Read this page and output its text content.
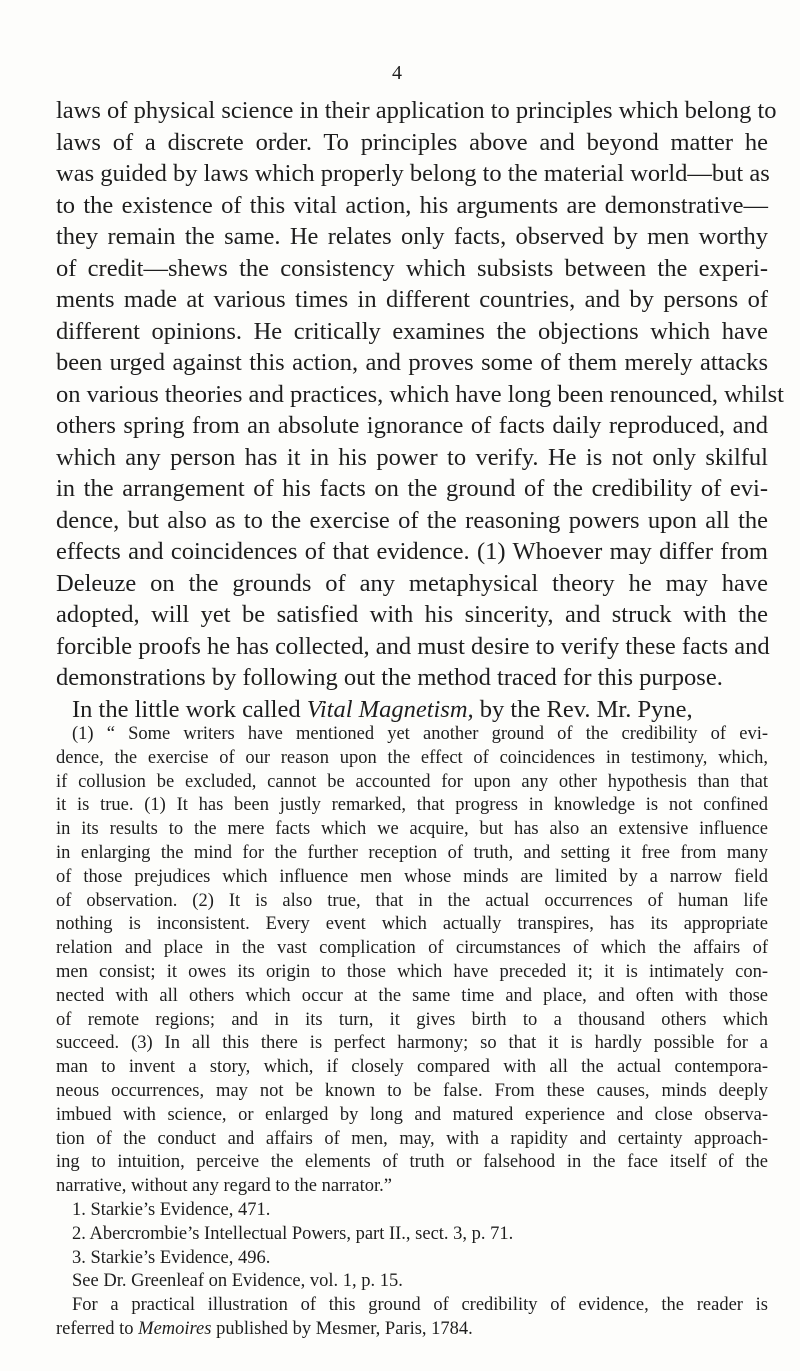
4
laws of physical science in their application to principles which belong to
laws of a discrete order. To principles above and beyond matter he
was guided by laws which properly belong to the material world—but as
to the existence of this vital action, his arguments are demonstrative—
they remain the same. He relates only facts, observed by men worthy
of credit—shews the consistency which subsists between the experi-
ments made at various times in different countries, and by persons of
different opinions. He critically examines the objections which have
been urged against this action, and proves some of them merely attacks
on various theories and practices, which have long been renounced, whilst
others spring from an absolute ignorance of facts daily reproduced, and
which any person has it in his power to verify. He is not only skilful
in the arrangement of his facts on the ground of the credibility of evi-
dence, but also as to the exercise of the reasoning powers upon all the
effects and coincidences of that evidence. (1) Whoever may differ from
Deleuze on the grounds of any metaphysical theory he may have
adopted, will yet be satisfied with his sincerity, and struck with the
forcible proofs he has collected, and must desire to verify these facts and
demonstrations by following out the method traced for this purpose.
In the little work called Vital Magnetism, by the Rev. Mr. Pyne,
(1) “ Some writers have mentioned yet another ground of the credibility of evi-
dence, the exercise of our reason upon the effect of coincidences in testimony, which,
if collusion be excluded, cannot be accounted for upon any other hypothesis than that
it is true. (1) It has been justly remarked, that progress in knowledge is not confined
in its results to the mere facts which we acquire, but has also an extensive influence
in enlarging the mind for the further reception of truth, and setting it free from many
of those prejudices which influence men whose minds are limited by a narrow field
of observation. (2) It is also true, that in the actual occurrences of human life
nothing is inconsistent. Every event which actually transpires, has its appropriate
relation and place in the vast complication of circumstances of which the affairs of
men consist; it owes its origin to those which have preceded it; it is intimately con-
nected with all others which occur at the same time and place, and often with those
of remote regions; and in its turn, it gives birth to a thousand others which
succeed. (3) In all this there is perfect harmony; so that it is hardly possible for a
man to invent a story, which, if closely compared with all the actual contempora-
neous occurrences, may not be known to be false. From these causes, minds deeply
imbued with science, or enlarged by long and matured experience and close observa-
tion of the conduct and affairs of men, may, with a rapidity and certainty approach-
ing to intuition, perceive the elements of truth or falsehood in the face itself of the
narrative, without any regard to the narrator.”
1. Starkie’s Evidence, 471.
2. Abercrombie’s Intellectual Powers, part II., sect. 3, p. 71.
3. Starkie’s Evidence, 496.
See Dr. Greenleaf on Evidence, vol. 1, p. 15.
For a practical illustration of this ground of credibility of evidence, the reader is
referred to Memoires published by Mesmer, Paris, 1784.
